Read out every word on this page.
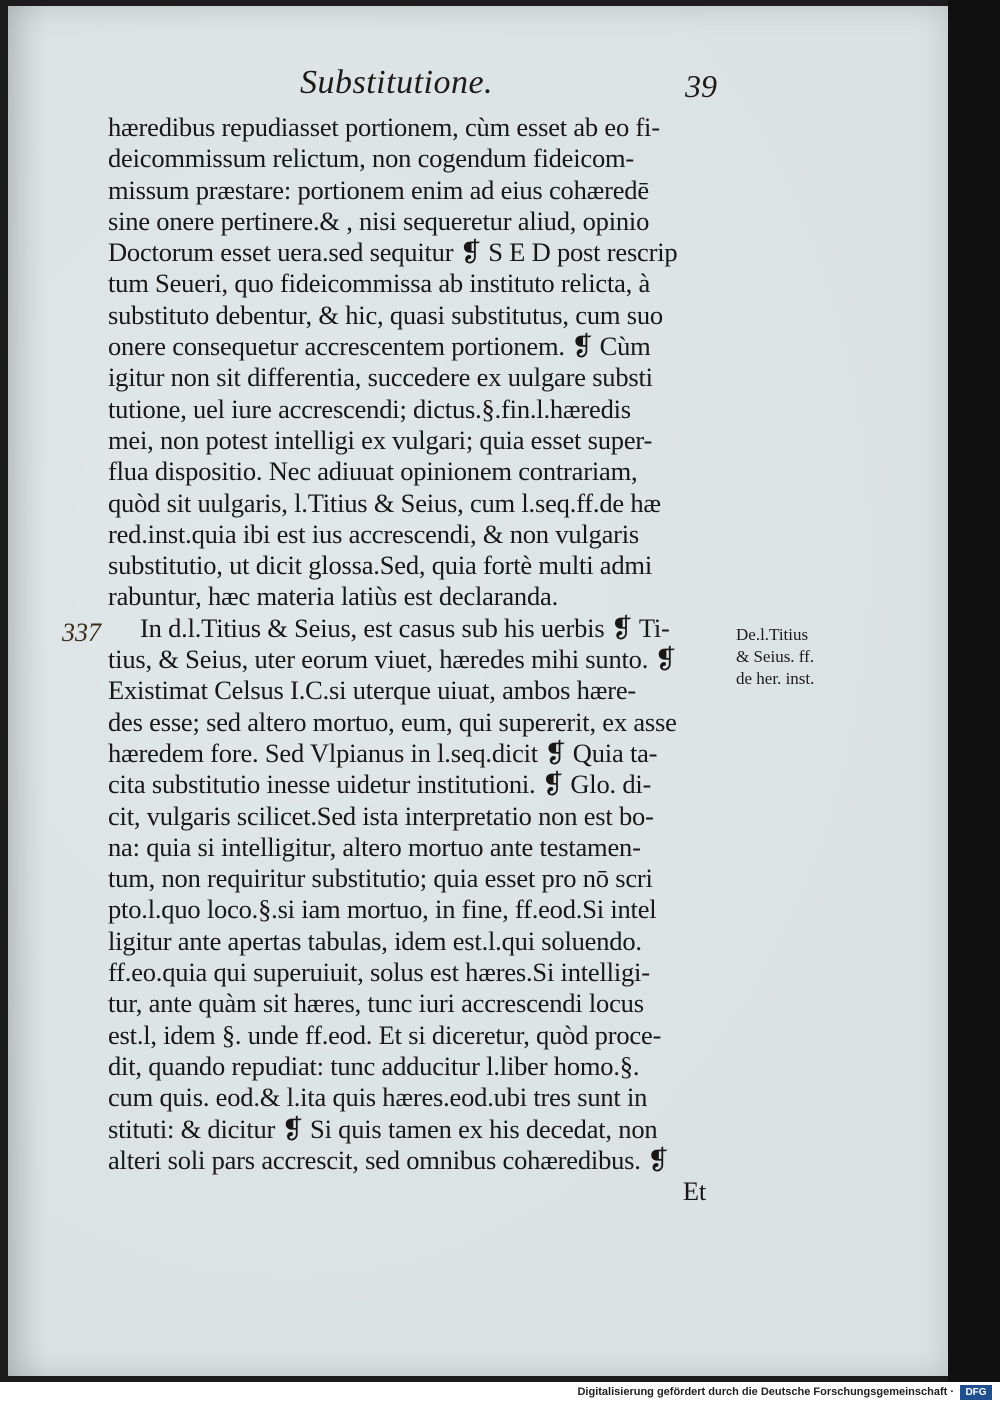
Substitutione.	39
337	De.l.Titius
& Seius. ff.
de her. inst.
hæredibus repudiasset portionem, cùm esset ab eo fi-
deicommissum relictum, non cogendum fideicom-
missum præstare: portionem enim ad eius cohæredē
sine onere pertinere.& , nisi sequeretur aliud, opinio
Doctorum esset uera.sed sequitur ❡ S E D post rescrip
tum Seueri, quo fideicommissa ab instituto relicta, à
substituto debentur, & hic, quasi substitutus, cum suo
onere consequetur accrescentem portionem. ❡ Cùm
igitur non sit differentia, succedere ex uulgare substi
tutione, uel iure accrescendi; dictus.§.fin.l.hæredis
mei, non potest intelligi ex vulgari; quia esset super-
flua dispositio. Nec adiuuat opinionem contrariam,
quòd sit uulgaris, l.Titius & Seius, cum l.seq.ff.de hæ
red.inst.quia ibi est ius accrescendi, & non vulgaris
substitutio, ut dicit glossa.Sed, quia fortè multi admi
rabuntur, hæc materia latiùs est declaranda.
In d.l.Titius & Seius, est casus sub his uerbis ❡ Ti-
tius, & Seius, uter eorum viuet, hæredes mihi sunto. ❡
Existimat Celsus I.C.si uterque uiuat, ambos hære-
des esse; sed altero mortuo, eum, qui supererit, ex asse
hæredem fore. Sed Vlpianus in l.seq.dicit ❡ Quia ta-
cita substitutio inesse uidetur institutioni. ❡ Glo. di-
cit, vulgaris scilicet.Sed ista interpretatio non est bo-
na: quia si intelligitur, altero mortuo ante testamen-
tum, non requiritur substitutio; quia esset pro nō scri
pto.l.quo loco.§.si iam mortuo, in fine, ff.eod.Si intel
ligitur ante apertas tabulas, idem est.l.qui soluendo.
ff.eo.quia qui superuiuit, solus est hæres.Si intelligi-
tur, ante quàm sit hæres, tunc iuri accrescendi locus
est.l, idem §. unde ff.eod. Et si diceretur, quòd proce-
dit, quando repudiat: tunc adducitur l.liber homo.§.
cum quis. eod.& l.ita quis hæres.eod.ubi tres sunt in
stituti: & dicitur ❡ Si quis tamen ex his decedat, non
alteri soli pars accrescit, sed omnibus cohæredibus. ❡
Et
Digitalisierung gefördert durch die Deutsche Forschungsgemeinschaft ·	DFG
